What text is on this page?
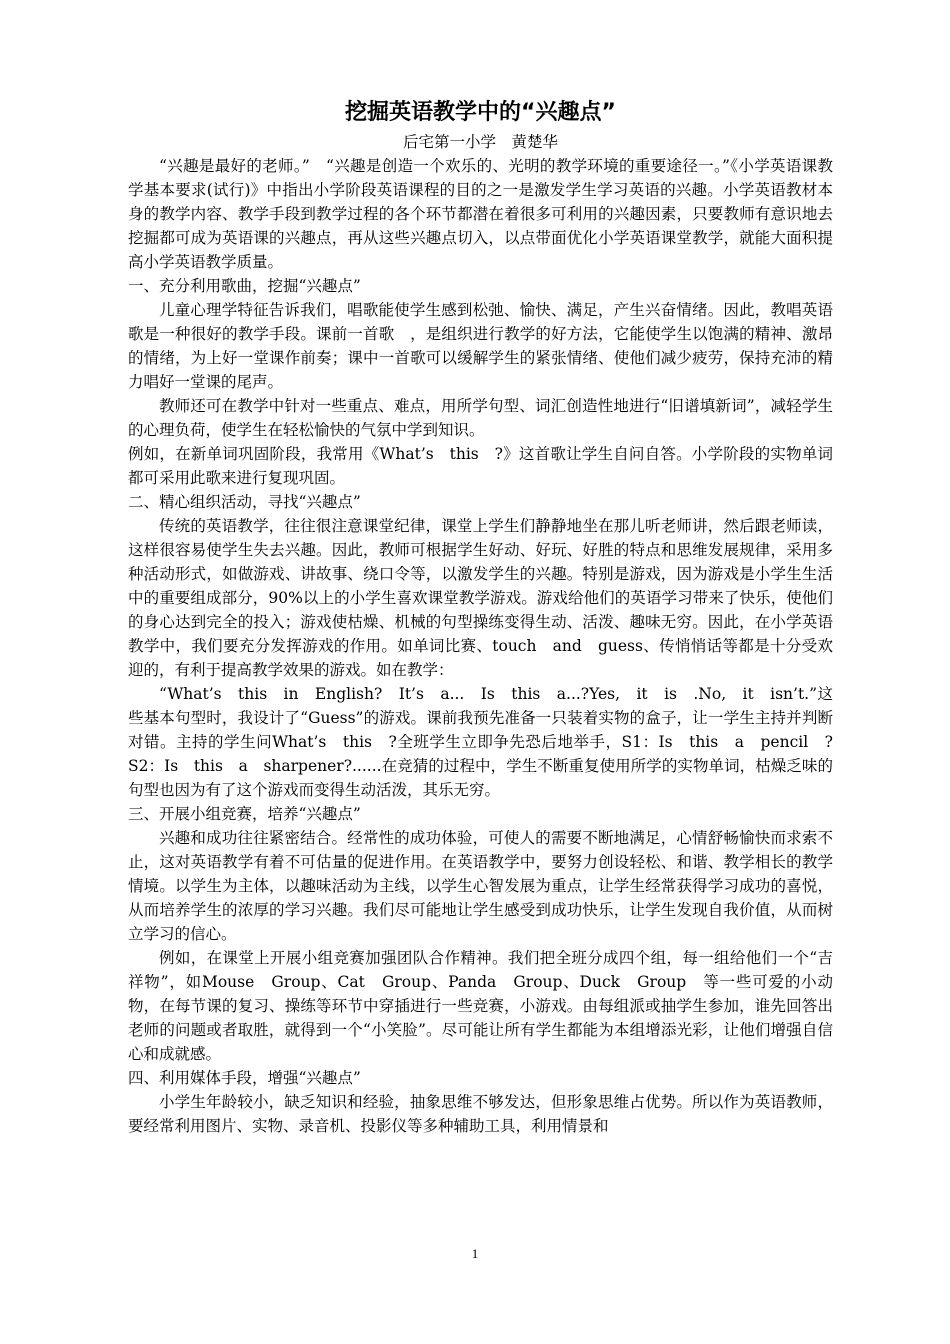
挖掘英语教学中的“兴趣点”

后宅第一小学　黄楚华

“兴趣是最好的老师。”　“兴趣是创造一个欢乐的、光明的教学环境的重要途径一。”《小学英语课教学基本要求(试行)》中指出小学阶段英语课程的目的之一是激发学生学习英语的兴趣。小学英语教材本身的教学内容、教学手段到教学过程的各个环节都潜在着很多可利用的兴趣因素，只要教师有意识地去挖掘都可成为英语课的兴趣点，再从这些兴趣点切入，以点带面优化小学英语课堂教学，就能大面积提高小学英语教学质量。

一、充分利用歌曲，挖掘“兴趣点”

儿童心理学特征告诉我们，唱歌能使学生感到松弛、愉快、满足，产生兴奋情绪。因此，教唱英语歌是一种很好的教学手段。课前一首歌　，是组织进行教学的好方法，它能使学生以饱满的精神、激昂的情绪，为上好一堂课作前奏；课中一首歌可以缓解学生的紧张情绪、使他们减少疲劳，保持充沛的精力唱好一堂课的尾声。

教师还可在教学中针对一些重点、难点，用所学句型、词汇创造性地进行“旧谱填新词”，减轻学生的心理负荷，使学生在轻松愉快的气氛中学到知识。

例如，在新单词巩固阶段，我常用《What’s　this　?》这首歌让学生自问自答。小学阶段的实物单词都可采用此歌来进行复现巩固。

二、精心组织活动，寻找“兴趣点”

传统的英语教学，往往很注意课堂纪律，课堂上学生们静静地坐在那儿听老师讲，然后跟老师读，这样很容易使学生失去兴趣。因此，教师可根据学生好动、好玩、好胜的特点和思维发展规律，采用多种活动形式，如做游戏、讲故事、绕口令等，以激发学生的兴趣。特别是游戏，因为游戏是小学生生活中的重要组成部分，90%以上的小学生喜欢课堂教学游戏。游戏给他们的英语学习带来了快乐，使他们的身心达到完全的投入；游戏使枯燥、机械的句型操练变得生动、活泼、趣味无穷。因此，在小学英语教学中，我们要充分发挥游戏的作用。如单词比赛、touch　and　guess、传悄悄话等都是十分受欢迎的，有利于提高教学效果的游戏。如在教学：

“What’s　this　in　English?　It’s　a...　Is　this　a...?Yes,　it　is　.No,　it　isn’t.”这些基本句型时，我设计了“Guess”的游戏。课前我预先准备一只装着实物的盒子，让一学生主持并判断对错。主持的学生问What’s　this　?全班学生立即争先恐后地举手，S1：Is　this　a　pencil　? S2：Is　this　a　sharpener?......在竞猜的过程中，学生不断重复使用所学的实物单词，枯燥乏味的句型也因为有了这个游戏而变得生动活泼，其乐无穷。

三、开展小组竞赛，培养“兴趣点”

兴趣和成功往往紧密结合。经常性的成功体验，可使人的需要不断地满足，心情舒畅愉快而求索不止，这对英语教学有着不可估量的促进作用。在英语教学中，要努力创设轻松、和谐、教学相长的教学情境。以学生为主体，以趣味活动为主线，以学生心智发展为重点，让学生经常获得学习成功的喜悦，从而培养学生的浓厚的学习兴趣。我们尽可能地让学生感受到成功快乐，让学生发现自我价值，从而树立学习的信心。

例如，在课堂上开展小组竞赛加强团队合作精神。我们把全班分成四个组，每一组给他们一个“吉祥物”，如Mouse　Group、Cat　Group、Panda　Group、Duck　Group　等一些可爱的小动物，在每节课的复习、操练等环节中穿插进行一些竞赛，小游戏。由每组派或抽学生参加，谁先回答出老师的问题或者取胜，就得到一个“小笑脸”。尽可能让所有学生都能为本组增添光彩，让他们增强自信心和成就感。

四、利用媒体手段，增强“兴趣点”

小学生年龄较小，缺乏知识和经验，抽象思维不够发达，但形象思维占优势。所以作为英语教师，要经常利用图片、实物、录音机、投影仪等多种辅助工具，利用情景和

1
